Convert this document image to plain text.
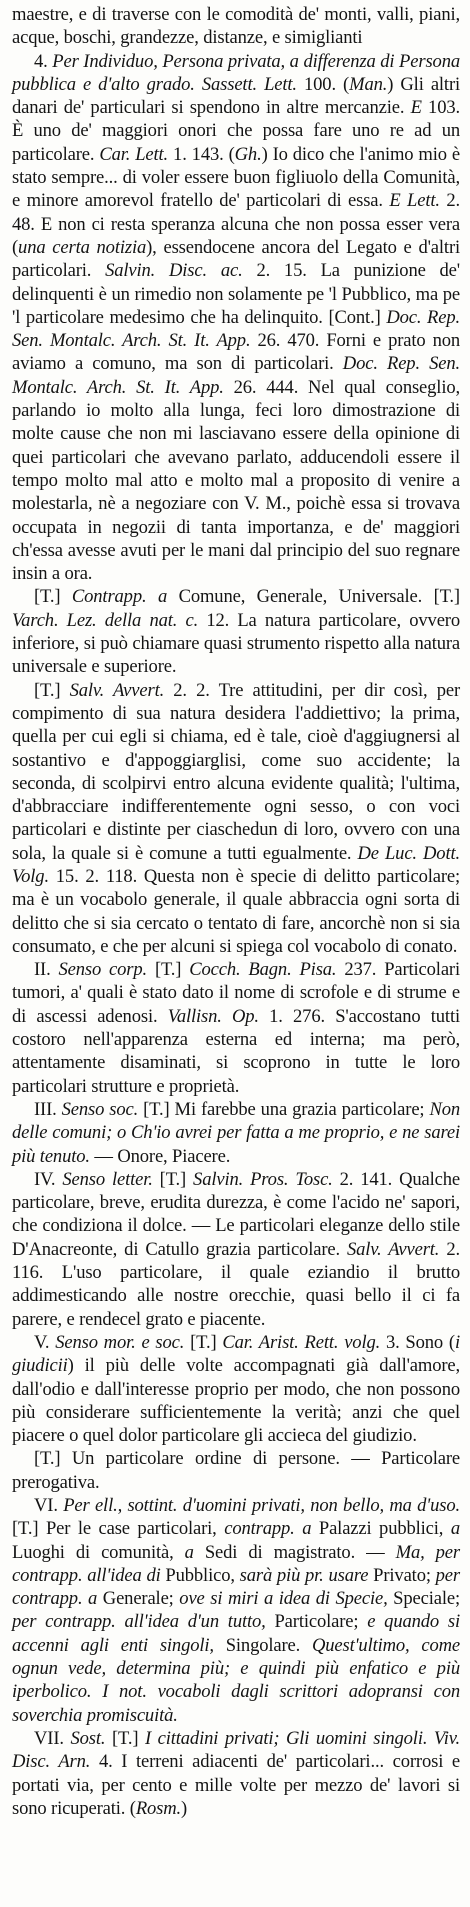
maestre, e di traverse con le comodità de' monti, valli, piani, acque, boschi, grandezze, distanze, e simiglianti

4. Per Individuo, Persona privata, a differenza di Persona pubblica e d'alto grado. Sassett. Lett. 100. (Man.) Gli altri danari de' particulari si spendono in altre mercanzie. E 103. È uno de' maggiori onori che possa fare uno re ad un particolare. Car. Lett. 1. 143. (Gh.) Io dico che l'animo mio è stato sempre... di voler essere buon figliuolo della Comunità, e minore amorevol fratello de' particolari di essa. E Lett. 2. 48. E non ci resta speranza alcuna che non possa esser vera (una certa notizia), essendocene ancora del Legato e d'altri particolari. Salvin. Disc. ac. 2. 15. La punizione de' delinquenti è un rimedio non solamente pe 'l Pubblico, ma pe 'l particolare medesimo che ha delinquito. [Cont.] Doc. Rep. Sen. Montalc. Arch. St. It. App. 26. 470. Forni e prato non aviamo a comuno, ma son di particolari. Doc. Rep. Sen. Montalc. Arch. St. It. App. 26. 444. Nel qual conseglio, parlando io molto alla lunga, feci loro dimostrazione di molte cause che non mi lasciavano essere della opinione di quei particolari che avevano parlato, adducendoli essere il tempo molto mal atto e molto mal a proposito di venire a molestarla, nè a negoziare con V. M., poichè essa si trovava occupata in negozii di tanta importanza, e de' maggiori ch'essa avesse avuti per le mani dal principio del suo regnare insin a ora.

[T.] Contrapp. a Comune, Generale, Universale. [T.] Varch. Lez. della nat. c. 12. La natura particolare, ovvero inferiore, si può chiamare quasi strumento rispetto alla natura universale e superiore.

[T.] Salv. Avvert. 2. 2. Tre attitudini, per dir così, per compimento di sua natura desidera l'addiettivo; la prima, quella per cui egli si chiama, ed è tale, cioè d'aggiugnersi al sostantivo e d'appoggiarglisi, come suo accidente; la seconda, di scolpirvi entro alcuna evidente qualità; l'ultima, d'abbracciare indifferentemente ogni sesso, o con voci particolari e distinte per ciaschedun di loro, ovvero con una sola, la quale si è comune a tutti egualmente. De Luc. Dott. Volg. 15. 2. 118. Questa non è specie di delitto particolare; ma è un vocabolo generale, il quale abbraccia ogni sorta di delitto che si sia cercato o tentato di fare, ancorchè non si sia consumato, e che per alcuni si spiega col vocabolo di conato.

II. Senso corp. [T.] Cocch. Bagn. Pisa. 237. Particolari tumori, a' quali è stato dato il nome di scrofole e di strume e di ascessi adenosi. Vallisn. Op. 1. 276. S'accostano tutti costoro nell'apparenza esterna ed interna; ma però, attentamente disaminati, si scoprono in tutte le loro particolari strutture e proprietà.

III. Senso soc. [T.] Mi farebbe una grazia particolare; Non delle comuni; o Ch'io avrei per fatta a me proprio, e ne sarei più tenuto. — Onore, Piacere.

IV. Senso letter. [T.] Salvin. Pros. Tosc. 2. 141. Qualche particolare, breve, erudita durezza, è come l'acido ne' sapori, che condiziona il dolce. — Le particolari eleganze dello stile D'Anacreonte, di Catullo grazia particolare. Salv. Avvert. 2. 116. L'uso particolare, il quale eziandio il brutto addimesticando alle nostre orecchie, quasi bello il ci fa parere, e rendecel grato e piacente.

V. Senso mor. e soc. [T.] Car. Arist. Rett. volg. 3. Sono (i giudicii) il più delle volte accompagnati già dall'amore, dall'odio e dall'interesse proprio per modo, che non possono più considerare sufficientemente la verità; anzi che quel piacere o quel dolor particolare gli accieca del giudizio.

[T.] Un particolare ordine di persone. — Particolare prerogativa.

VI. Per ell., sottint. d'uomini privati, non bello, ma d'uso. [T.] Per le case particolari, contrapp. a Palazzi pubblici, a Luoghi di comunità, a Sedi di magistrato. — Ma, per contrapp. all'idea di Pubblico, sarà più pr. usare Privato; per contrapp. a Generale; ove si miri a idea di Specie, Speciale; per contrapp. all'idea d'un tutto, Particolare; e quando si accenni agli enti singoli, Singolare. Quest'ultimo, come ognun vede, determina più; e quindi più enfatico e più iperbolico. I not. vocaboli dagli scrittori adopransi con soverchia promiscuità.

VII. Sost. [T.] I cittadini privati; Gli uomini singoli. Viv. Disc. Arn. 4. I terreni adiacenti de' particolari... corrosi e portati via, per cento e mille volte per mezzo de' lavori si sono ricuperati. (Rosm.)
